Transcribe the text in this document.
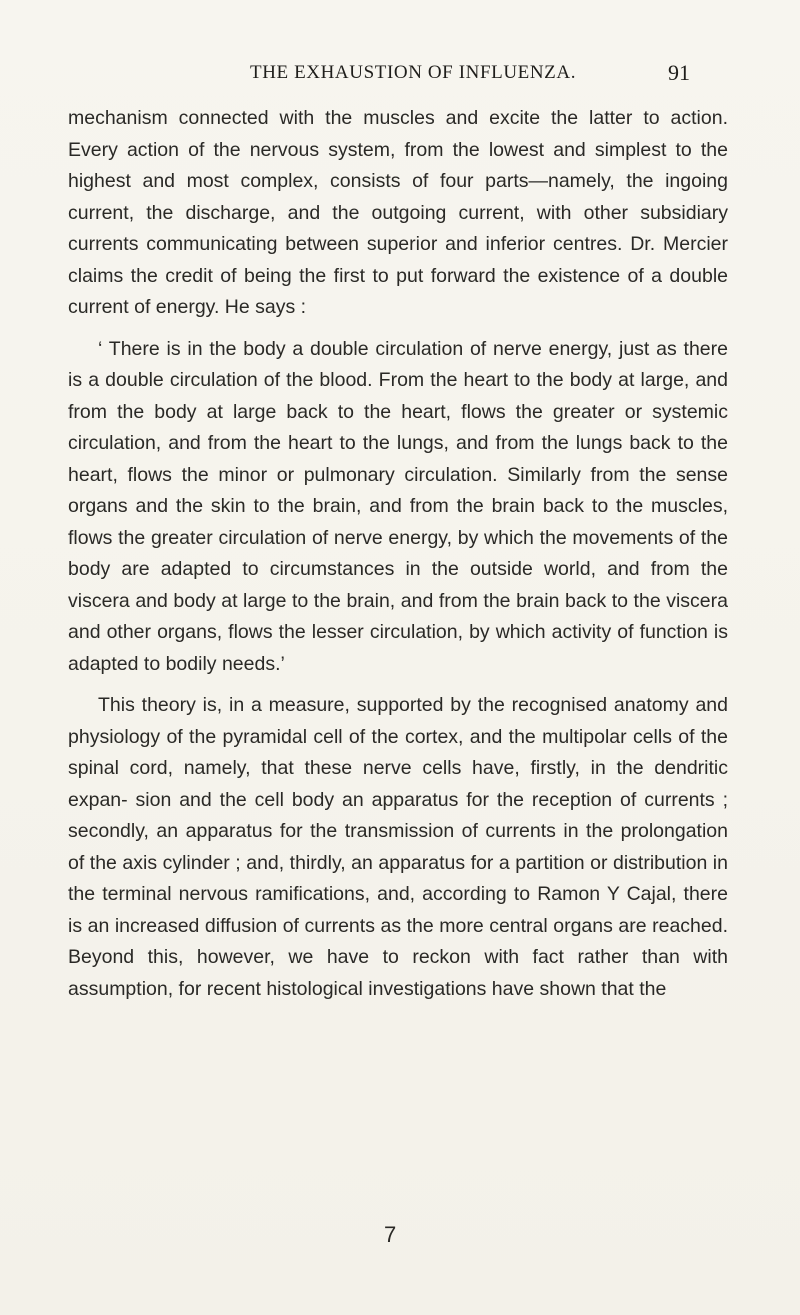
THE EXHAUSTION OF INFLUENZA.	91

mechanism connected with the muscles and excite the latter to action. Every action of the nervous system, from the lowest and simplest to the highest and most complex, consists of four parts—namely, the ingoing current, the discharge, and the outgoing current, with other subsidiary currents communicating between superior and inferior centres. Dr. Mercier claims the credit of being the first to put forward the existence of a double current of energy. He says :

‘ There is in the body a double circulation of nerve energy, just as there is a double circulation of the blood. From the heart to the body at large, and from the body at large back to the heart, flows the greater or systemic circulation, and from the heart to the lungs, and from the lungs back to the heart, flows the minor or pulmonary circulation. Similarly from the sense organs and the skin to the brain, and from the brain back to the muscles, flows the greater circulation of nerve energy, by which the movements of the body are adapted to circumstances in the outside world, and from the viscera and body at large to the brain, and from the brain back to the viscera and other organs, flows the lesser circulation, by which activity of function is adapted to bodily needs.’

This theory is, in a measure, supported by the recognised anatomy and physiology of the pyramidal cell of the cortex, and the multipolar cells of the spinal cord, namely, that these nerve cells have, firstly, in the dendritic expan- sion and the cell body an apparatus for the reception of currents ; secondly, an apparatus for the transmission of currents in the prolongation of the axis cylinder ; and, thirdly, an apparatus for a partition or distribution in the terminal nervous ramifications, and, according to Ramon Y Cajal, there is an increased diffusion of currents as the more central organs are reached. Beyond this, however, we have to reckon with fact rather than with assumption, for recent histological investigations have shown that the

7
